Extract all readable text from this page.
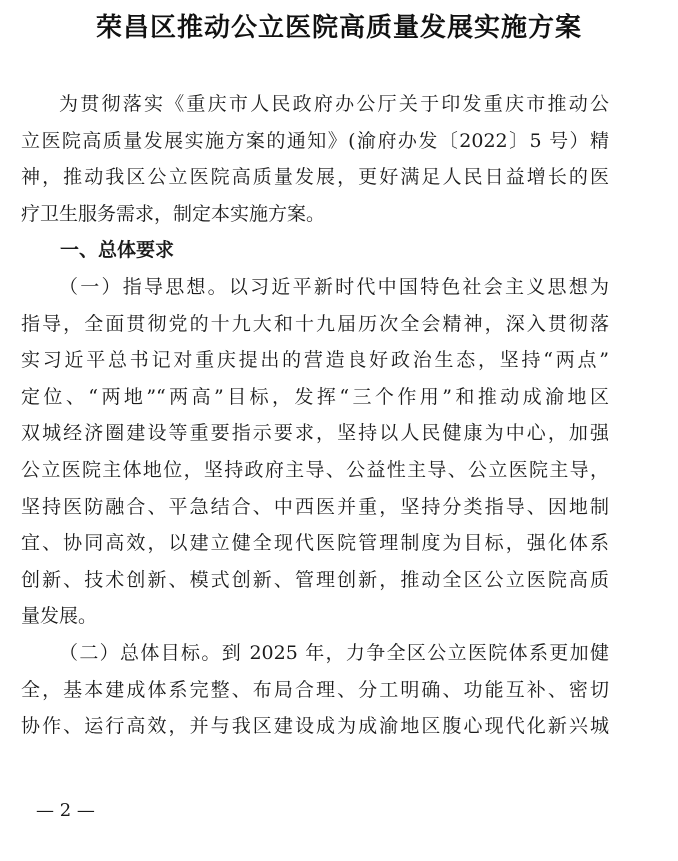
荣昌区推动公立医院高质量发展实施方案
为贯彻落实《重庆市人民政府办公厅关于印发重庆市推动公
立医院高质量发展实施方案的通知》(渝府办发〔2022〕5 号）精
神，推动我区公立医院高质量发展，更好满足人民日益增长的医
疗卫生服务需求，制定本实施方案。
一、总体要求
（一）指导思想。以习近平新时代中国特色社会主义思想为
指导，全面贯彻党的十九大和十九届历次全会精神，深入贯彻落
实习近平总书记对重庆提出的营造良好政治生态，坚持“两点”
定位、“两地”“两高”目标，发挥“三个作用”和推动成渝地区
双城经济圈建设等重要指示要求，坚持以人民健康为中心，加强
公立医院主体地位，坚持政府主导、公益性主导、公立医院主导，
坚持医防融合、平急结合、中西医并重，坚持分类指导、因地制
宜、协同高效，以建立健全现代医院管理制度为目标，强化体系
创新、技术创新、模式创新、管理创新，推动全区公立医院高质
量发展。
（二）总体目标。到 2025 年，力争全区公立医院体系更加健
全，基本建成体系完整、布局合理、分工明确、功能互补、密切
协作、运行高效，并与我区建设成为成渝地区腹心现代化新兴城
— 2 —
